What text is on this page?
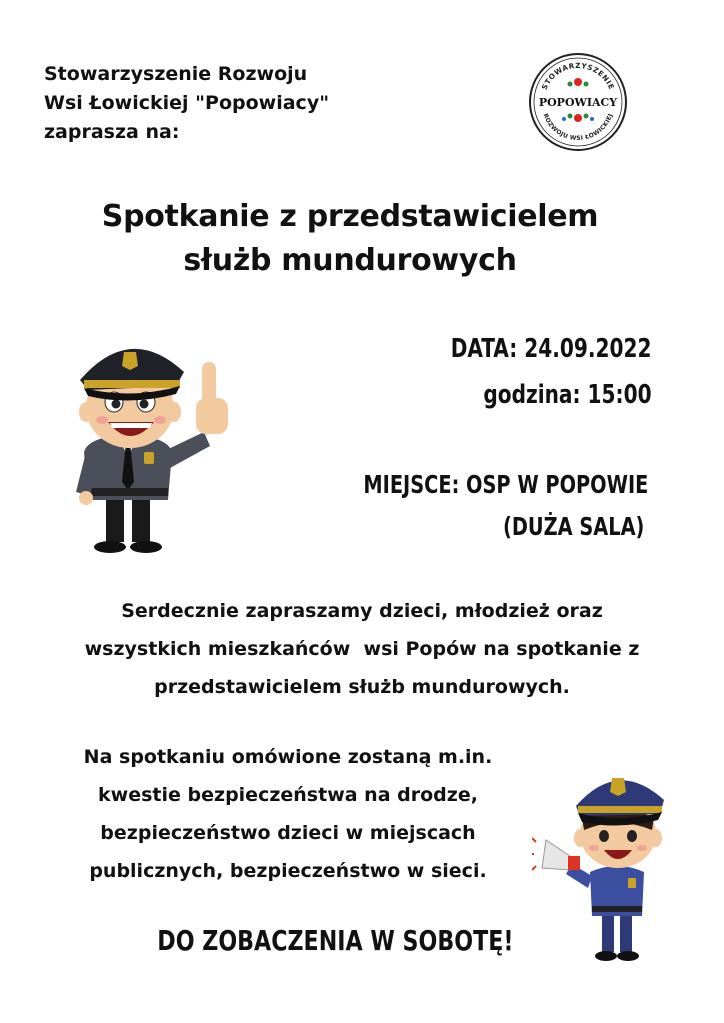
Stowarzyszenie Rozwoju
Wsi Łowickiej "Popowiacy"
zaprasza na:
STOWARZYSZENIE
ROZWOJU WSI ŁOWICKIEJ
POPOWIACY
Spotkanie z przedstawicielem
służb mundurowych
DATA: 24.09.2022
godzina: 15:00
MIEJSCE: OSP W POPOWIE
(DUŻA SALA)
Serdecznie zapraszamy dzieci, młodzież oraz
wszystkich mieszkańców  wsi Popów na spotkanie z
przedstawicielem służb mundurowych.
Na spotkaniu omówione zostaną m.in.
kwestie bezpieczeństwa na drodze,
bezpieczeństwo dzieci w miejscach
publicznych, bezpieczeństwo w sieci.
DO ZOBACZENIA W SOBOTĘ!
